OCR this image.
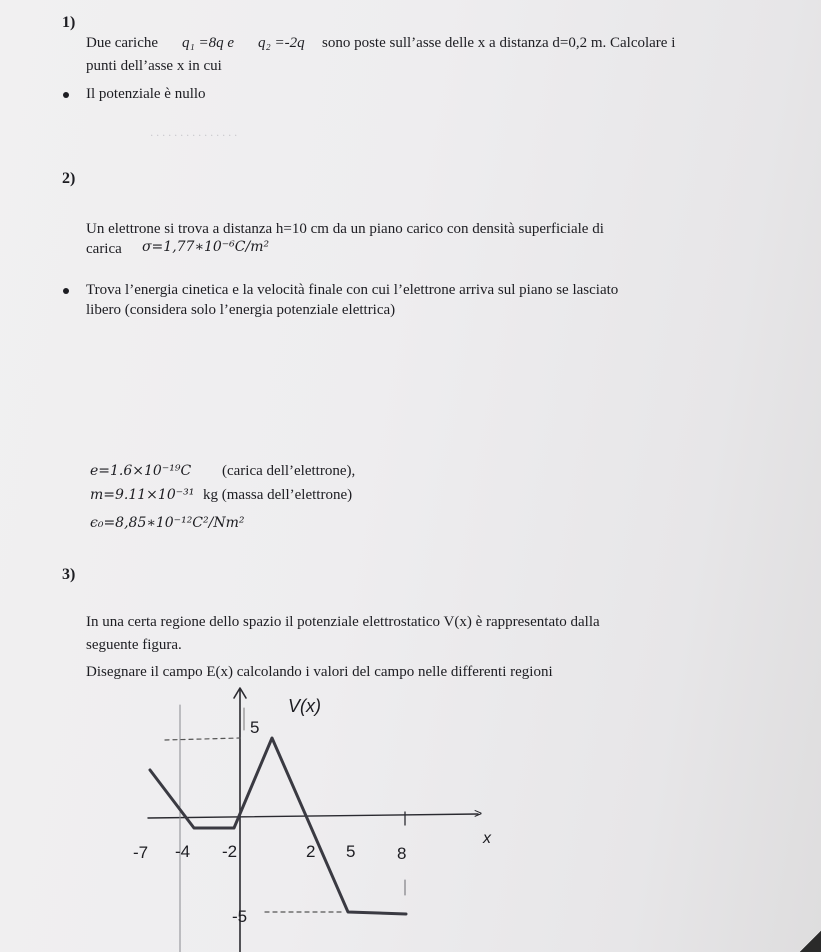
· · · · · · · · · · · · · · ·
1)
Due cariche q₁ =8q e q₂ =-2q sono poste sull’asse delle x a distanza d=0,2 m. Calcolare i
punti dell’asse x in cui
Il potenziale è nullo
2)
Un elettrone si trova a distanza h=10 cm da un piano carico con densità superficiale di
carica σ=1,77∗10⁻⁶C/m²
Trova l’energia cinetica e la velocità finale con cui l’elettrone arriva sul piano se lasciato
libero (considera solo l’energia potenziale elettrica)
e=1.6×10⁻¹⁹C (carica dell’elettrone),
m=9.11×10⁻³¹ kg (massa dell’elettrone)
ϵ₀=8,85∗10⁻¹²C²/Nm²
3)
In una certa regione dello spazio il potenziale elettrostatico V(x) è rappresentato dalla
seguente figura.
Disegnare il campo E(x) calcolando i valori del campo nelle differenti regioni
V(x)
x
>
5
-5
-7 -4 -2	2 5 8
